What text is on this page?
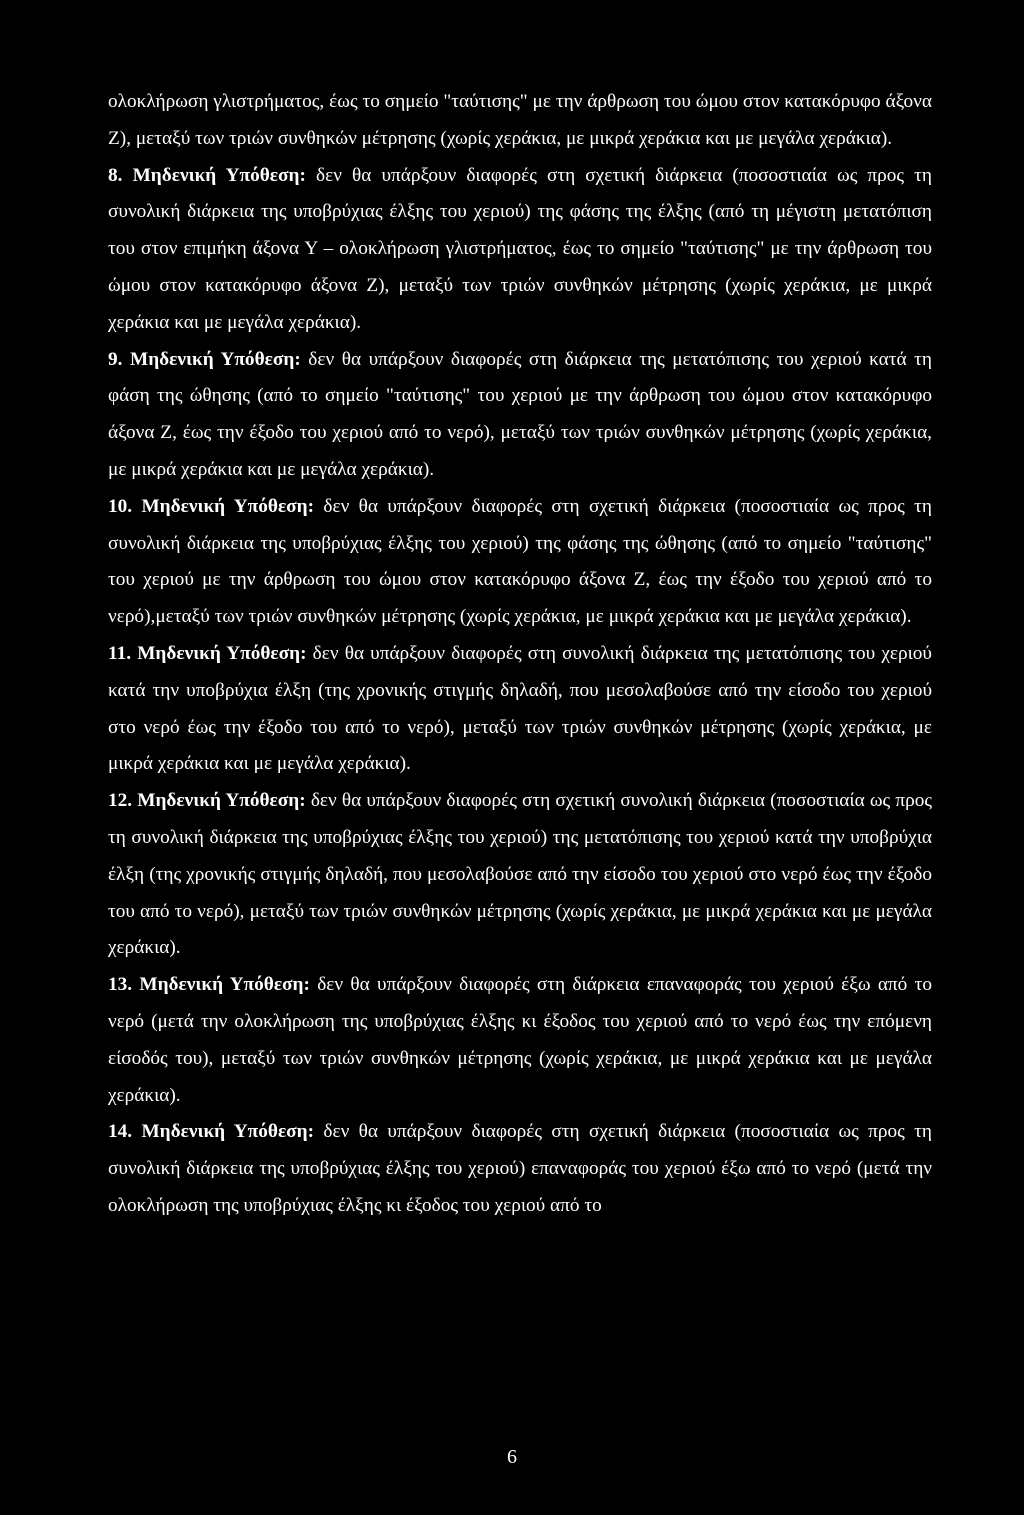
ολοκλήρωση γλιστρήματος, έως το σημείο "ταύτισης" με την άρθρωση του ώμου στον κατακόρυφο άξονα Ζ), μεταξύ των τριών συνθηκών μέτρησης (χωρίς χεράκια, με μικρά χεράκια και με μεγάλα χεράκια).

8. Μηδενική Υπόθεση: δεν θα υπάρξουν διαφορές στη σχετική διάρκεια (ποσοστιαία ως προς τη συνολική διάρκεια της υποβρύχιας έλξης του χεριού) της φάσης της έλξης (από τη μέγιστη μετατόπιση του στον επιμήκη άξονα Υ – ολοκλήρωση γλιστρήματος, έως το σημείο "ταύτισης" με την άρθρωση του ώμου στον κατακόρυφο άξονα Ζ), μεταξύ των τριών συνθηκών μέτρησης (χωρίς χεράκια, με μικρά χεράκια και με μεγάλα χεράκια).

9. Μηδενική Υπόθεση: δεν θα υπάρξουν διαφορές στη διάρκεια της μετατόπισης του χεριού κατά τη φάση της ώθησης (από το σημείο "ταύτισης" του χεριού με την άρθρωση του ώμου στον κατακόρυφο άξονα Ζ, έως την έξοδο του χεριού από το νερό), μεταξύ των τριών συνθηκών μέτρησης (χωρίς χεράκια, με μικρά χεράκια και με μεγάλα χεράκια).

10. Μηδενική Υπόθεση: δεν θα υπάρξουν διαφορές στη σχετική διάρκεια (ποσοστιαία ως προς τη συνολική διάρκεια της υποβρύχιας έλξης του χεριού) της φάσης της ώθησης (από το σημείο "ταύτισης" του χεριού με την άρθρωση του ώμου στον κατακόρυφο άξονα Ζ, έως την έξοδο του χεριού από το νερό),μεταξύ των τριών συνθηκών μέτρησης (χωρίς χεράκια, με μικρά χεράκια και με μεγάλα χεράκια).

11. Μηδενική Υπόθεση: δεν θα υπάρξουν διαφορές στη συνολική διάρκεια της μετατόπισης του χεριού κατά την υποβρύχια έλξη (της χρονικής στιγμής δηλαδή, που μεσολαβούσε από την είσοδο του χεριού στο νερό έως την έξοδο του από το νερό), μεταξύ των τριών συνθηκών μέτρησης (χωρίς χεράκια, με μικρά χεράκια και με μεγάλα χεράκια).

12. Μηδενική Υπόθεση: δεν θα υπάρξουν διαφορές στη σχετική συνολική διάρκεια (ποσοστιαία ως προς τη συνολική διάρκεια της υποβρύχιας έλξης του χεριού) της μετατόπισης του χεριού κατά την υποβρύχια έλξη (της χρονικής στιγμής δηλαδή, που μεσολαβούσε από την είσοδο του χεριού στο νερό έως την έξοδο του από το νερό), μεταξύ των τριών συνθηκών μέτρησης (χωρίς χεράκια, με μικρά χεράκια και με μεγάλα χεράκια).

13. Μηδενική Υπόθεση: δεν θα υπάρξουν διαφορές στη διάρκεια επαναφοράς του χεριού έξω από το νερό (μετά την ολοκλήρωση της υποβρύχιας έλξης κι έξοδος του χεριού από το νερό έως την επόμενη είσοδός του), μεταξύ των τριών συνθηκών μέτρησης (χωρίς χεράκια, με μικρά χεράκια και με μεγάλα χεράκια).

14. Μηδενική Υπόθεση: δεν θα υπάρξουν διαφορές στη σχετική διάρκεια (ποσοστιαία ως προς τη συνολική διάρκεια της υποβρύχιας έλξης του χεριού) επαναφοράς του χεριού έξω από το νερό (μετά την ολοκλήρωση της υποβρύχιας έλξης κι έξοδος του χεριού από το

6
